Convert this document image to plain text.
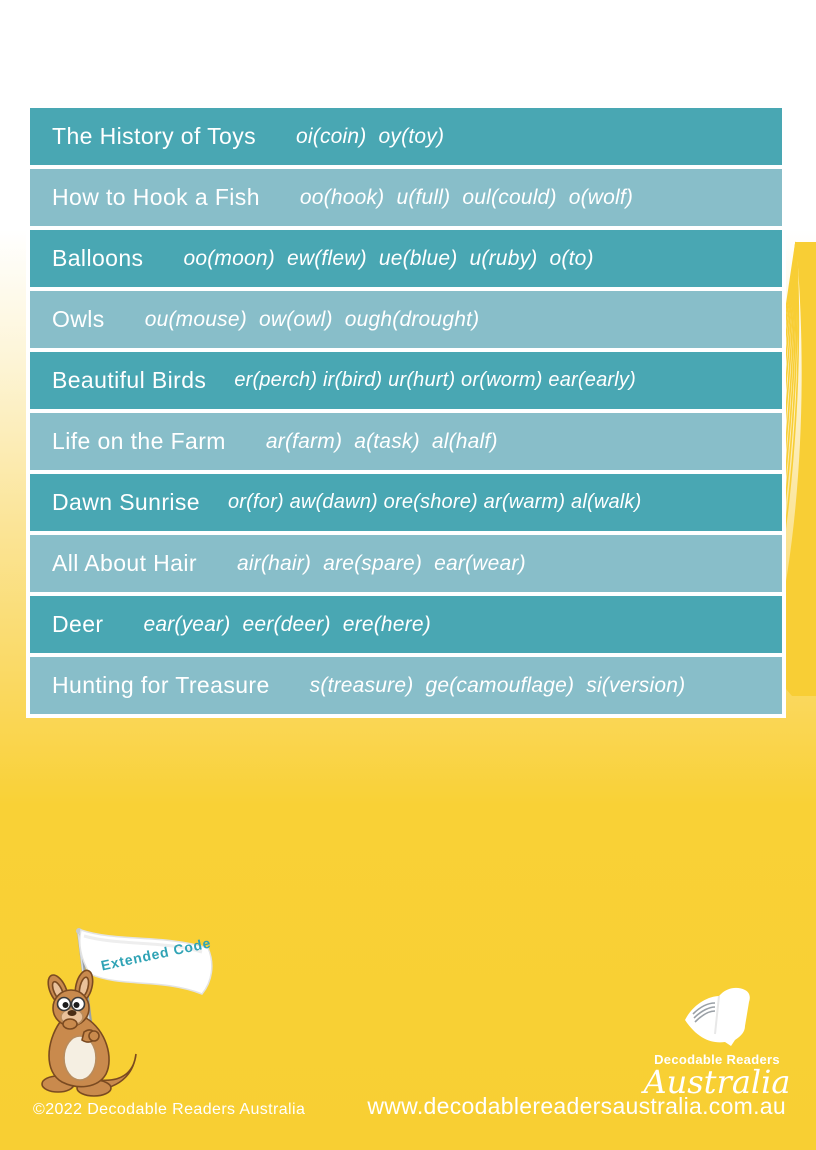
The History of Toys oi(coin)  oy(toy)
How to Hook a Fish oo(hook)  u(full)  oul(could)  o(wolf)
Balloons oo(moon)  ew(flew)  ue(blue)  u(ruby)  o(to)
Owls ou(mouse)  ow(owl)  ough(drought)
Beautiful Birds er(perch) ir(bird) ur(hurt) or(worm) ear(early)
Life on the Farm ar(farm)  a(task)  al(half)
Dawn Sunrise or(for) aw(dawn) ore(shore) ar(warm) al(walk)
All About Hair air(hair)  are(spare)  ear(wear)
Deer ear(year)  eer(deer)  ere(here)
Hunting for Treasure s(treasure)  ge(camouflage)  si(version)
Extended Code
Decodable Readers
Australia
©2022 Decodable Readers Australia	www.decodablereadersaustralia.com.au
